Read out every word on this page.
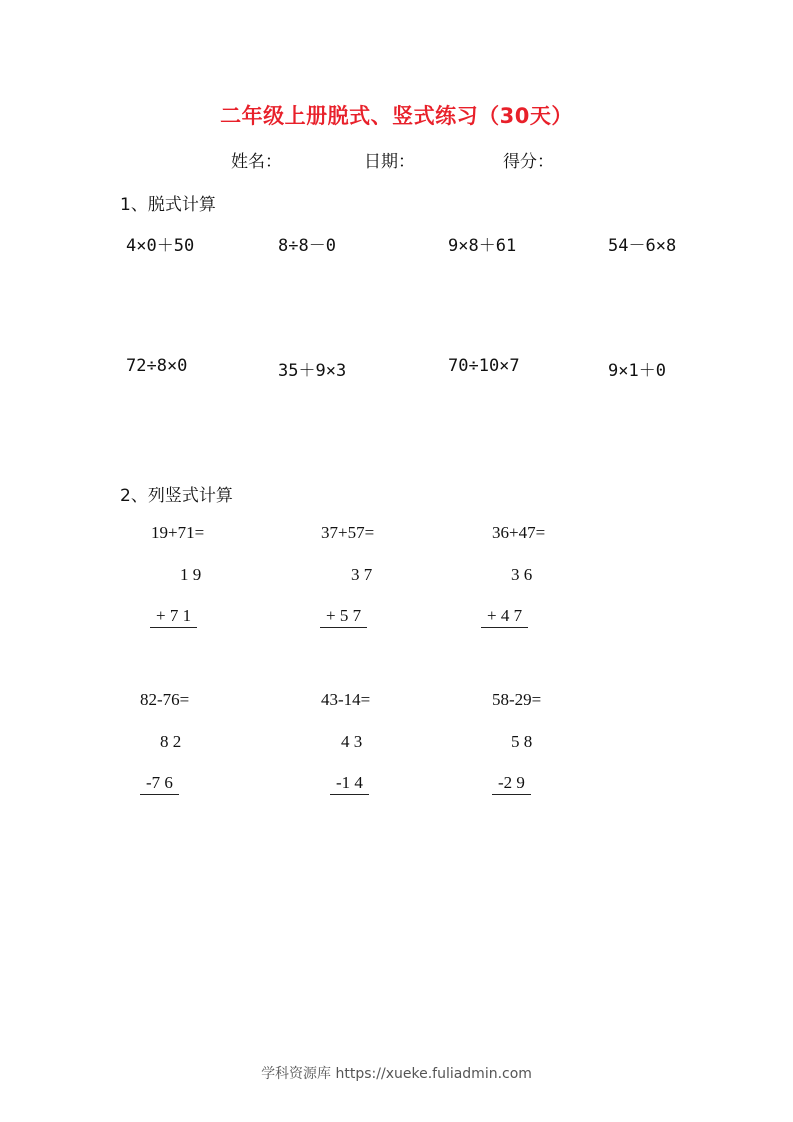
二年级上册脱式、竖式练习（30天）
姓名：	日期：	得分：
1、脱式计算
4×0＋50	8÷8－0	9×8＋61	54－6×8
72÷8×0	35＋9×3	70÷10×7	9×1＋0
2、列竖式计算
19+71=
1 9
+ 7 1
37+57=
3 7
+ 5 7
36+47=
3 6
+ 4 7
82-76=
8 2
-7 6
43-14=
4 3
-1 4
58-29=
5 8
-2 9
学科资源库 https://xueke.fuliadmin.com
